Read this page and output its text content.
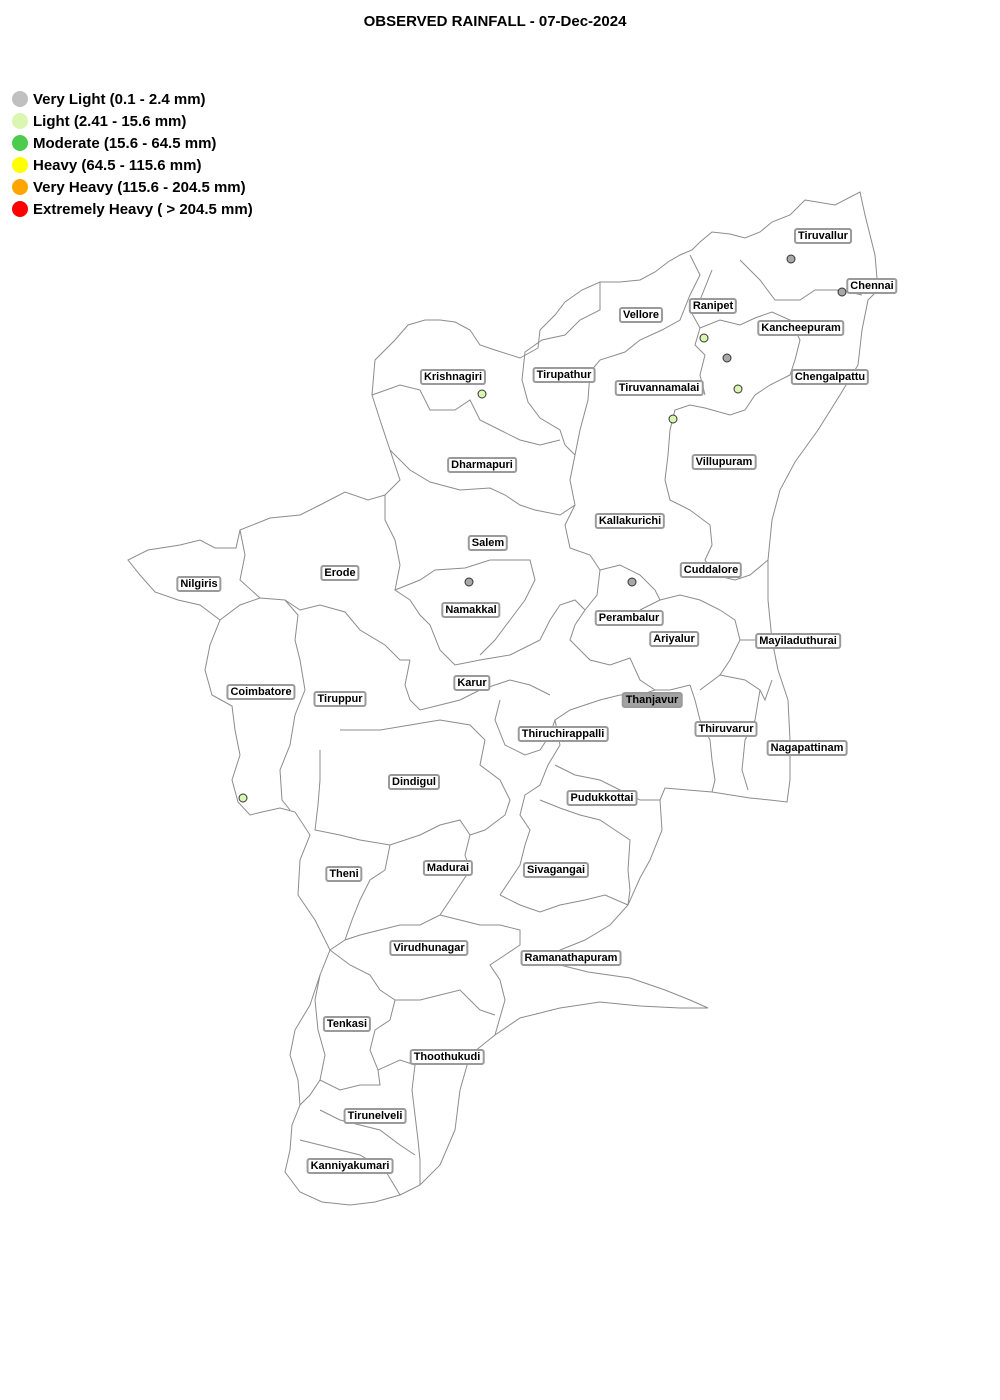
OBSERVED RAINFALL - 07-Dec-2024
Very Light (0.1 - 2.4 mm)
Light (2.41 - 15.6 mm)
Moderate (15.6 - 64.5 mm)
Heavy (64.5 - 115.6 mm)
Very Heavy (115.6 - 204.5 mm)
Extremely Heavy ( > 204.5 mm)
Tiruvallur
Chennai
Ranipet
Vellore
Kancheepuram
Krishnagiri	Tirupathur
Tiruvannamalai
Chengalpattu
Dharmapuri	Villupuram
Kallakurichi
Salem
Cuddalore
Nilgiris
Erode
Namakkal
Perambalur
Ariyalur	Mayiladuthurai
Coimbatore
Tiruppur
Karur
Thanjavur
Thiruvarur
Thiruchirappalli
Nagapattinam
Dindigul
Pudukkottai
Theni	Madurai	Sivagangai
Virudhunagar
Ramanathapuram
Tenkasi
Thoothukudi
Tirunelveli
Kanniyakumari
